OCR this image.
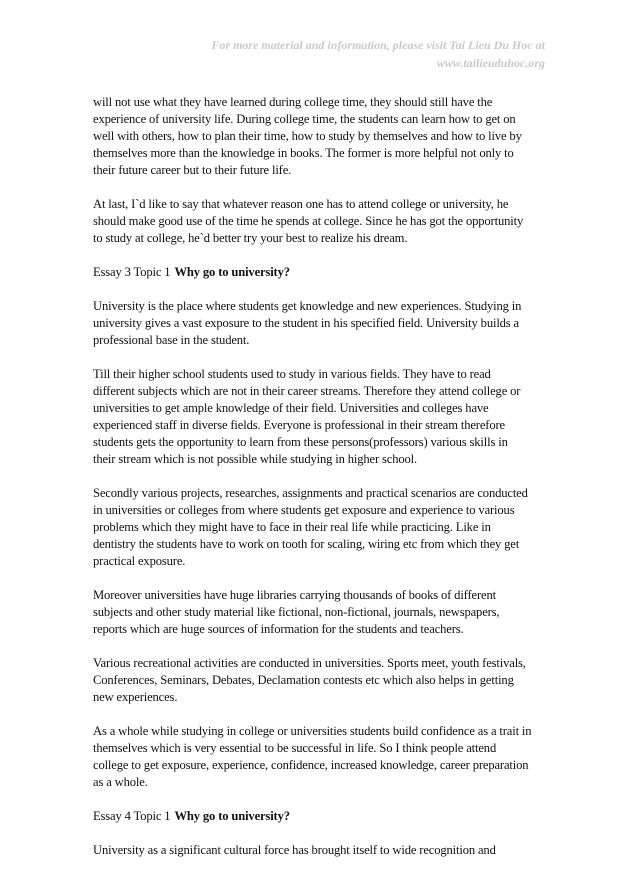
For more material and information, please visit Tai Lieu Du Hoc at
www.tailieuduhoc.org
will not use what they have learned during college time, they should still have the
experience of university life. During college time, the students can learn how to get on
well with others, how to plan their time, how to study by themselves and how to live by
themselves more than the knowledge in books. The former is more helpful not only to
their future career but to their future life.
At last, I`d like to say that whatever reason one has to attend college or university, he
should make good use of the time he spends at college. Since he has got the opportunity
to study at college, he`d better try your best to realize his dream.
Essay 3 Topic 1 Why go to university?
University is the place where students get knowledge and new experiences. Studying in
university gives a vast exposure to the student in his specified field. University builds a
professional base in the student.
Till their higher school students used to study in various fields. They have to read
different subjects which are not in their career streams. Therefore they attend college or
universities to get ample knowledge of their field. Universities and colleges have
experienced staff in diverse fields. Everyone is professional in their stream therefore
students gets the opportunity to learn from these persons(professors) various skills in
their stream which is not possible while studying in higher school.
Secondly various projects, researches, assignments and practical scenarios are conducted
in universities or colleges from where students get exposure and experience to various
problems which they might have to face in their real life while practicing. Like in
dentistry the students have to work on tooth for scaling, wiring etc from which they get
practical exposure.
Moreover universities have huge libraries carrying thousands of books of different
subjects and other study material like fictional, non-fictional, journals, newspapers,
reports which are huge sources of information for the students and teachers.
Various recreational activities are conducted in universities. Sports meet, youth festivals,
Conferences, Seminars, Debates, Declamation contests etc which also helps in getting
new experiences.
As a whole while studying in college or universities students build confidence as a trait in
themselves which is very essential to be successful in life. So I think people attend
college to get exposure, experience, confidence, increased knowledge, career preparation
as a whole.
Essay 4 Topic 1 Why go to university?
University as a significant cultural force has brought itself to wide recognition and
